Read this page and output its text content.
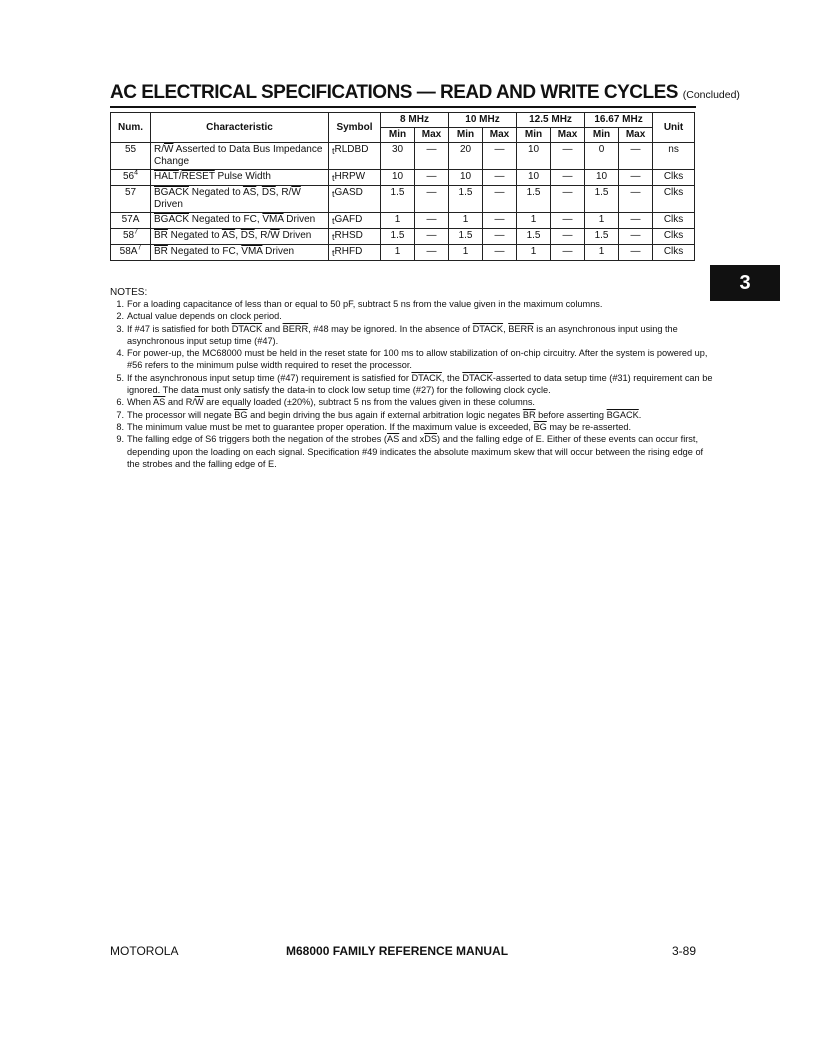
AC ELECTRICAL SPECIFICATIONS — READ AND WRITE CYCLES (Concluded)
Num.	Characteristic	Symbol	8 MHz		10 MHz		12.5 MHz		16.67 MHz		Unit
			Min	Max	Min	Max	Min	Max	Min	Max	
55	$R/\overline{W}$ Asserted to Data Bus Impedance Change	tRLDBD	30	—	20	—	10	—	0	—	ns
$56^4$	HALT/RESET Pulse Width	tHRPW	10	—	10	—	10	—	10	—	Clks
57	BGACK Negated to $\overline{AS}$, $\overline{DS}$, $R/\overline{W}$ Driven	tGASD	1.5	—	1.5	—	1.5	—	1.5	—	Clks
57A	BGACK Negated to FC, $\overline{VMA}$ Driven	tGAFD	1	—	1	—	1	—	1	—	Clks
$58^7$	$\overline{BR}$ Negated to $\overline{AS}$, $\overline{DS}$, $R/\overline{W}$ Driven	tRHSD	1.5	—	1.5	—	1.5	—	1.5	—	Clks
$58A^7$	$\overline{BR}$ Negated to FC, $\overline{VMA}$ Driven	tRHFD	1	—	1	—	1	—	1	—	Clks
3
NOTES:
1. For a loading capacitance of less than or equal to 50 pF, subtract 5 ns from the value given in the maximum columns.
2. Actual value depends on clock period.
3. If #47 is satisfied for both DTACK and BERR, #48 may be ignored. In the absence of DTACK, BERR is an asynchronous input using the asynchronous input setup time (#47).
4. For power-up, the MC68000 must be held in the reset state for 100 ms to allow stabilization of on-chip circuitry. After the system is powered up, #56 refers to the minimum pulse width required to reset the processor.
5. If the asynchronous input setup time (#47) requirement is satisfied for DTACK, the DTACK-asserted to data setup time (#31) requirement can be ignored. The data must only satisfy the data-in to clock low setup time (#27) for the following clock cycle.
6. When $\overline{AS}$ and $R/\overline{W}$ are equally loaded (±20%), subtract 5 ns from the values given in these columns.
7. The processor will negate $\overline{BG}$ and begin driving the bus again if external arbitration logic negates $\overline{BR}$ before asserting BGACK.
8. The minimum value must be met to guarantee proper operation. If the maximum value is exceeded, $\overline{BG}$ may be re-asserted.
9. The falling edge of S6 triggers both the negation of the strobes ($\overline{AS}$ and $x\overline{DS}$) and the falling edge of E. Either of these events can occur first, depending upon the loading on each signal. Specification #49 indicates the absolute maximum skew that will occur between the rising edge of the strobes and the falling edge of E.
MOTOROLA	M68000 FAMILY REFERENCE MANUAL	3-89
